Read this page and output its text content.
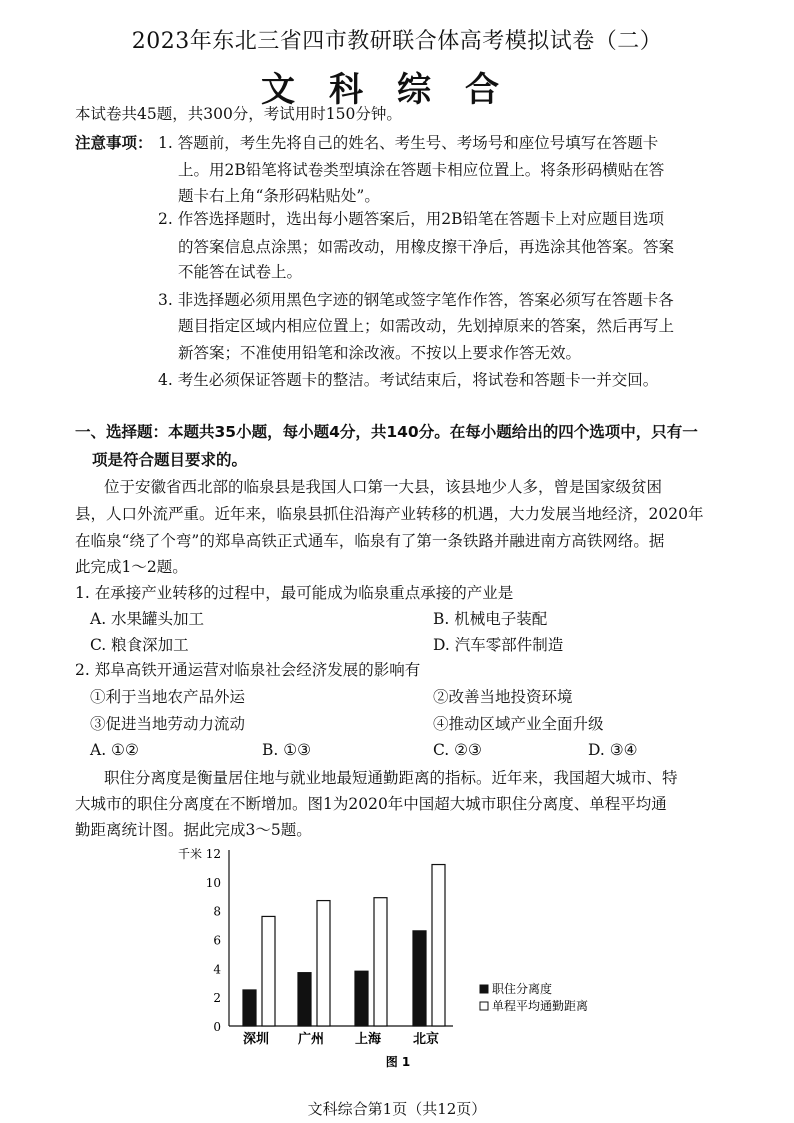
2023年东北三省四市教研联合体高考模拟试卷（二）
文科综合
本试卷共45题，共300分，考试用时150分钟。
注意事项： 1. 答题前，考生先将自己的姓名、考生号、考场号和座位号填写在答题卡
上。用2B铅笔将试卷类型填涂在答题卡相应位置上。将条形码横贴在答
题卡右上角“条形码粘贴处”。
2. 作答选择题时，选出每小题答案后，用2B铅笔在答题卡上对应题目选项
的答案信息点涂黑；如需改动，用橡皮擦干净后，再选涂其他答案。答案
不能答在试卷上。
3. 非选择题必须用黑色字迹的钢笔或签字笔作作答，答案必须写在答题卡各
题目指定区域内相应位置上；如需改动，先划掉原来的答案，然后再写上
新答案；不准使用铅笔和涂改液。不按以上要求作答无效。
4. 考生必须保证答题卡的整洁。考试结束后，将试卷和答题卡一并交回。
一、选择题：本题共35小题，每小题4分，共140分。在每小题给出的四个选项中，只有一
项是符合题目要求的。
位于安徽省西北部的临泉县是我国人口第一大县，该县地少人多，曾是国家级贫困
县，人口外流严重。近年来，临泉县抓住沿海产业转移的机遇，大力发展当地经济，2020年
在临泉“绕了个弯”的郑阜高铁正式通车，临泉有了第一条铁路并融进南方高铁网络。据
此完成1～2题。
1. 在承接产业转移的过程中，最可能成为临泉重点承接的产业是
A. 水果罐头加工	B. 机械电子装配
C. 粮食深加工	D. 汽车零部件制造
2. 郑阜高铁开通运营对临泉社会经济发展的影响有
①利于当地农产品外运	②改善当地投资环境
③促进当地劳动力流动	④推动区域产业全面升级
A. ①②	B. ①③	C. ②③	D. ③④
职住分离度是衡量居住地与就业地最短通勤距离的指标。近年来，我国超大城市、特
大城市的职住分离度在不断增加。图1为2020年中国超大城市职住分离度、单程平均通
勤距离统计图。据此完成3～5题。
0
2
4
6
8
10
12
千米
深圳 广州 上海 北京
职住分离度
单程平均通勤距离
图 1
文科综合第1页（共12页）
